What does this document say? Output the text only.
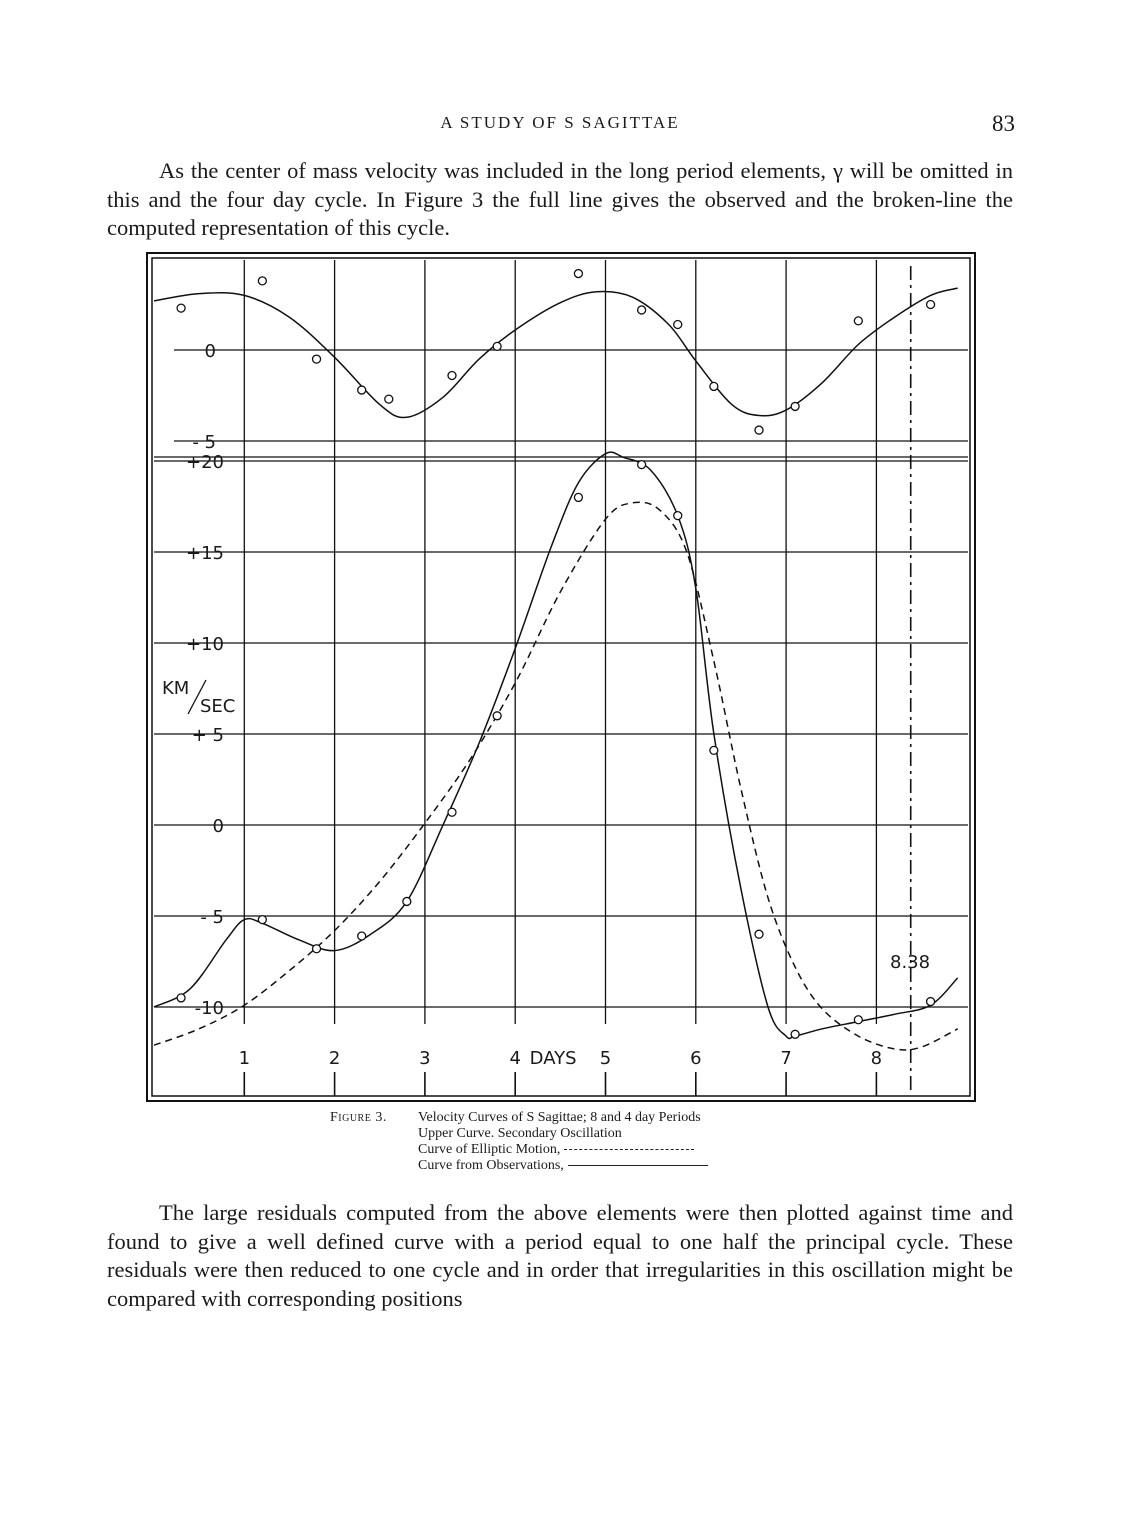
A STUDY OF S SAGITTAE	83

As the center of mass velocity was included in the long period elements, γ will be omitted in this and the four day cycle. In Figure 3 the full line gives the observed and the broken-line the computed representation of this cycle.

1	2	3	4	5	6	7	8
DAYS
0
- 5
+20
+15
+10
+ 5
0
- 5
-10
KM
SEC
8.38
Figure 3. Velocity Curves of S Sagittae; 8 and 4 day Periods
Upper Curve. Secondary Oscillation
Curve of Elliptic Motion,
Curve from Observations,

The large residuals computed from the above elements were then plotted against time and found to give a well defined curve with a period equal to one half the principal cycle. These residuals were then reduced to one cycle and in order that irregularities in this oscillation might be compared with corresponding positions
